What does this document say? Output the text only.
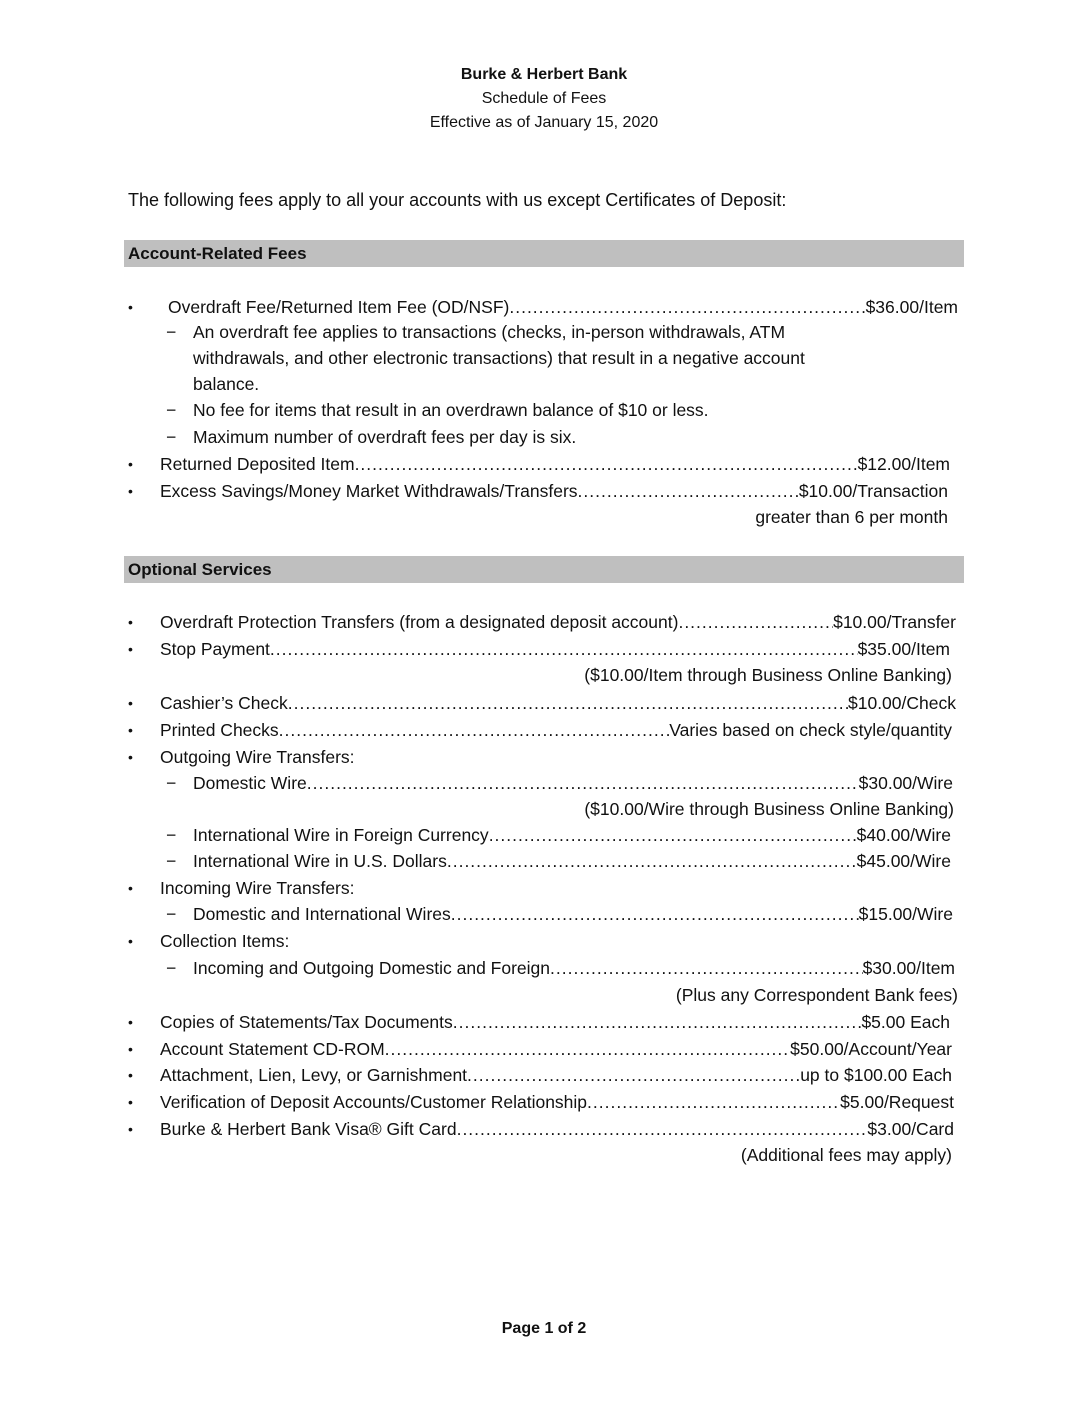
Burke & Herbert Bank
Schedule of Fees
Effective as of January 15, 2020
The following fees apply to all your accounts with us except Certificates of Deposit:
Account-Related Fees
• Overdraft Fee/Returned Item Fee (OD/NSF) .....	$36.00/Item
− An overdraft fee applies to transactions (checks, in-person withdrawals, ATM
withdrawals, and other electronic transactions) that result in a negative account
balance.
− No fee for items that result in an overdrawn balance of $10 or less.
− Maximum number of overdraft fees per day is six.
• Returned Deposited Item .....	$12.00/Item
• Excess Savings/Money Market Withdrawals/Transfers .....	$10.00/Transaction
greater than 6 per month
Optional Services
• Overdraft Protection Transfers (from a designated deposit account) .....	$10.00/Transfer
• Stop Payment .....	$35.00/Item
($10.00/Item through Business Online Banking)
• Cashier’s Check .....	$10.00/Check
• Printed Checks .....	Varies based on check style/quantity
• Outgoing Wire Transfers:
− Domestic Wire .....	$30.00/Wire
($10.00/Wire through Business Online Banking)
− International Wire in Foreign Currency .....	$40.00/Wire
− International Wire in U.S. Dollars .....	$45.00/Wire
• Incoming Wire Transfers:
− Domestic and International Wires .....	$15.00/Wire
• Collection Items:
− Incoming and Outgoing Domestic and Foreign .....	$30.00/Item
(Plus any Correspondent Bank fees)
• Copies of Statements/Tax Documents .....	$5.00 Each
• Account Statement CD-ROM .....	$50.00/Account/Year
• Attachment, Lien, Levy, or Garnishment .....	up to $100.00 Each
• Verification of Deposit Accounts/Customer Relationship .....	$5.00/Request
• Burke & Herbert Bank Visa® Gift Card .....	$3.00/Card
(Additional fees may apply)
Page 1 of 2
